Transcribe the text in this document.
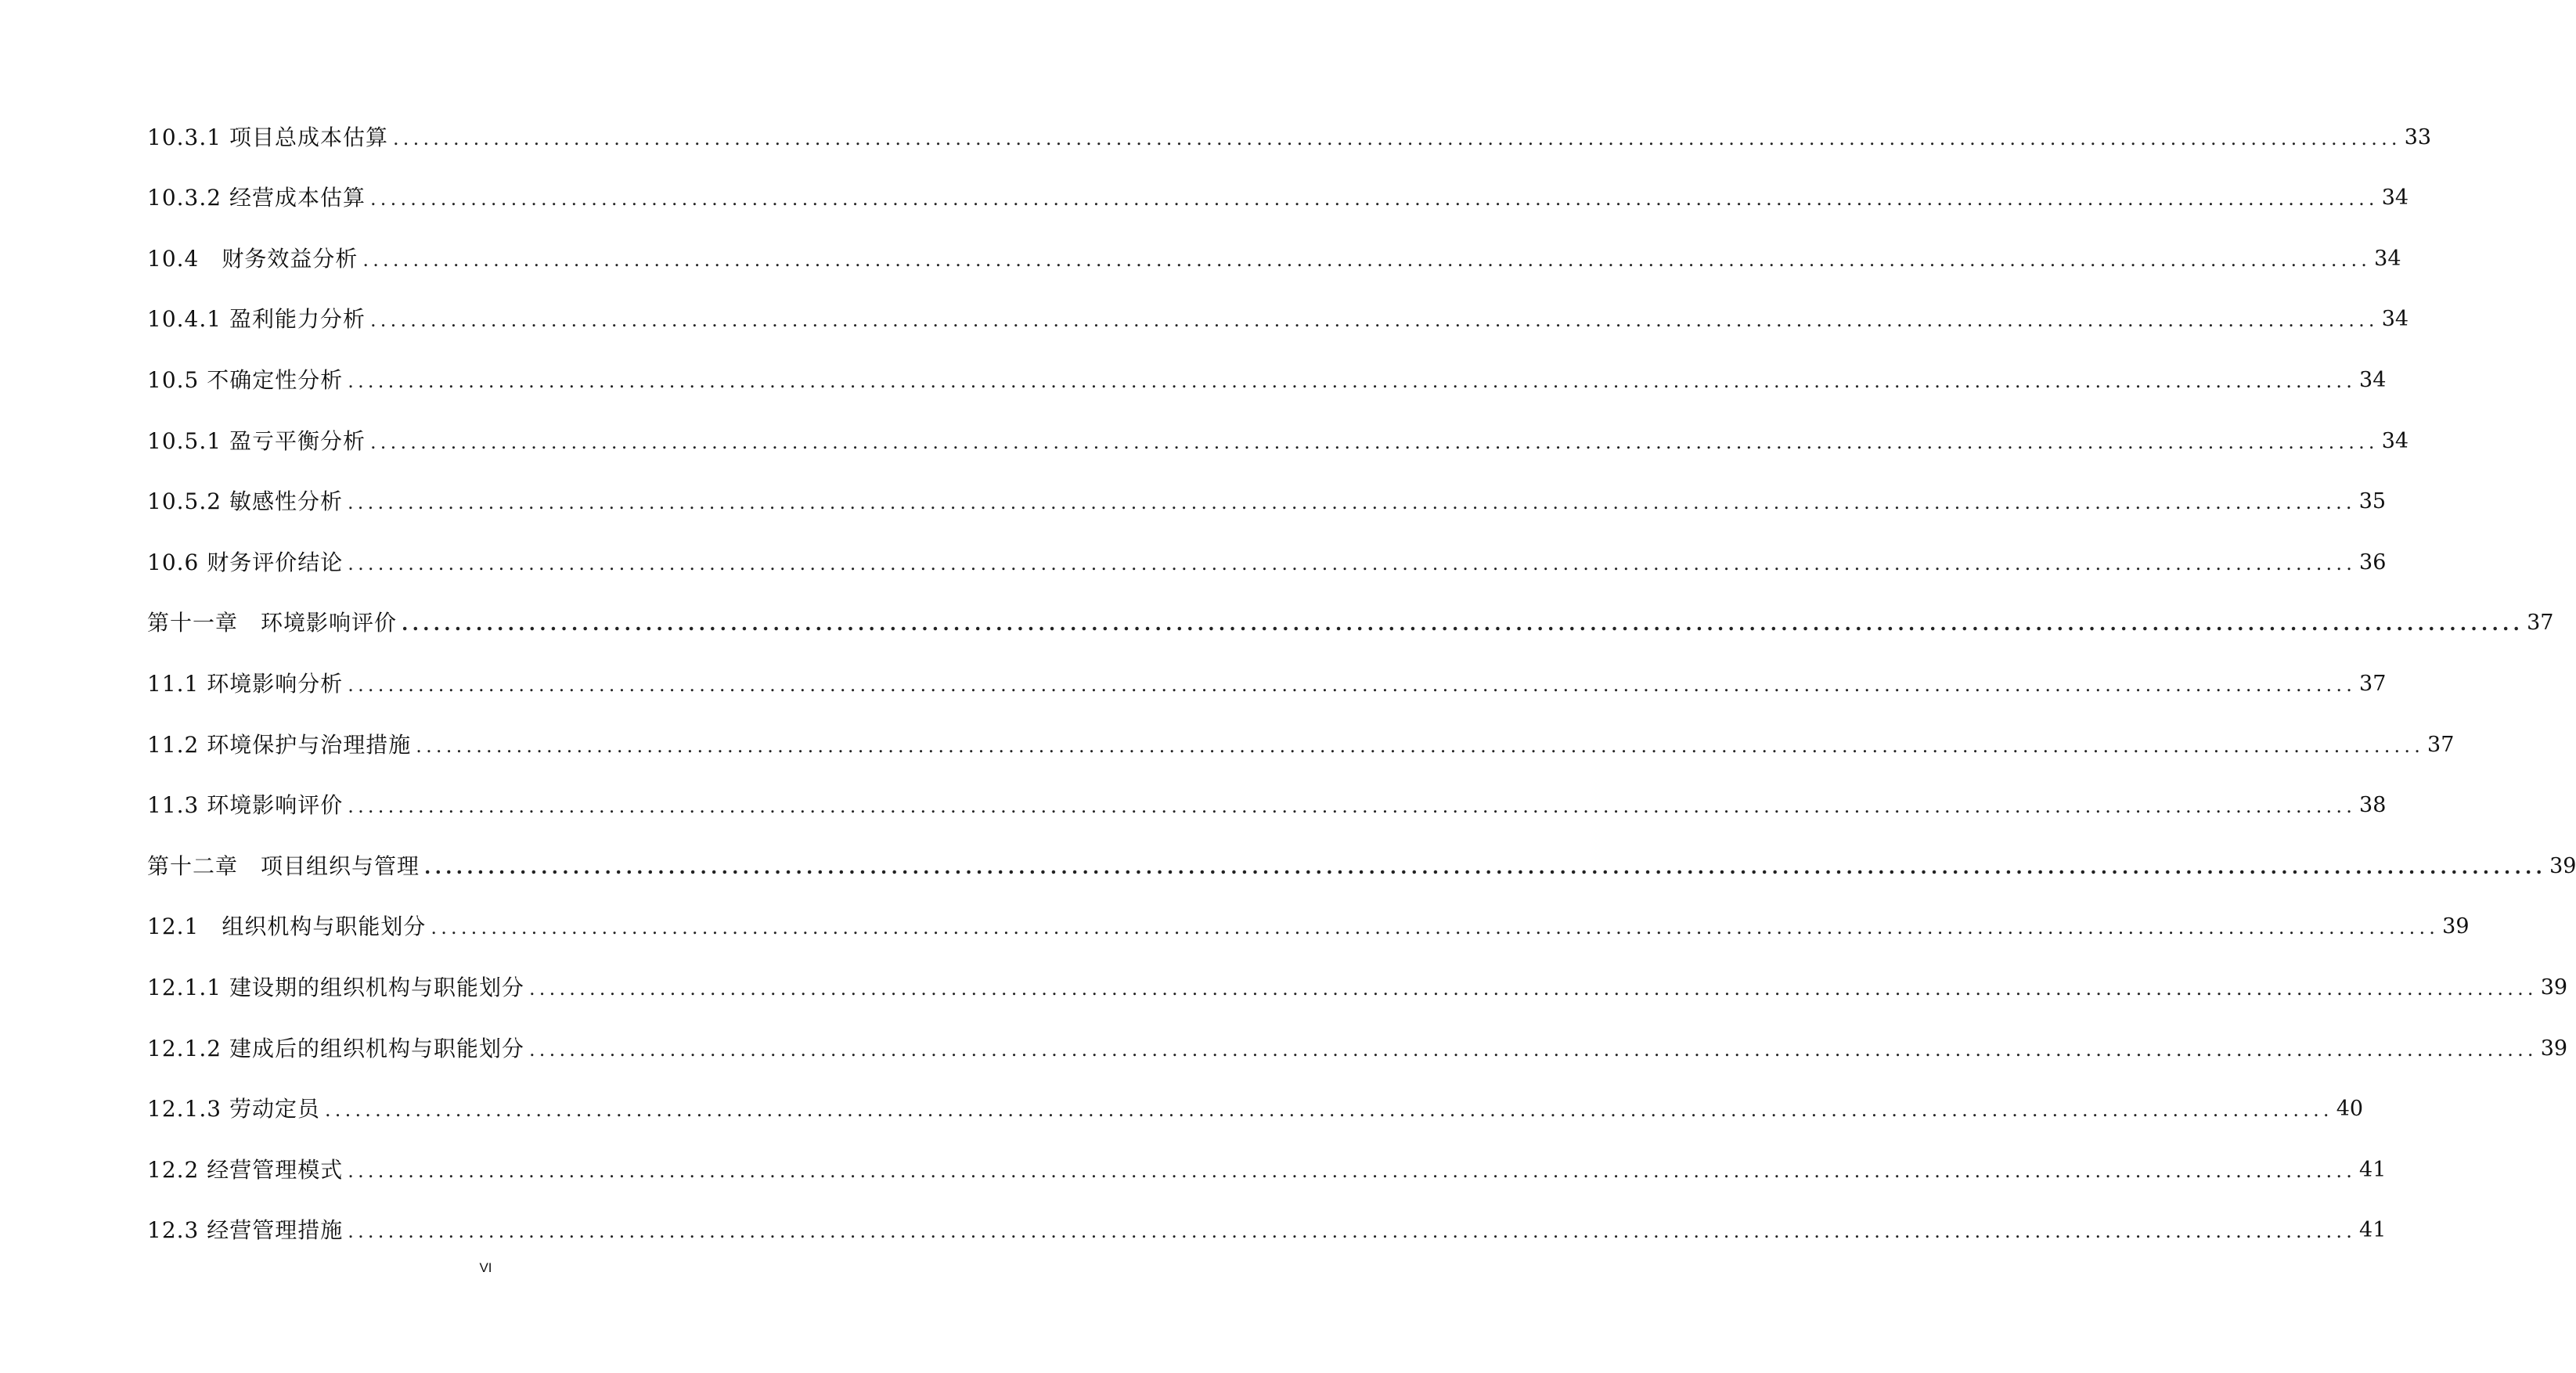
10.3.1 项目总成本估算 ........................................................................................................................................................................................................ 33
10.3.2 经营成本估算 ........................................................................................................................................................................................................ 34
10.4　财务效益分析 ........................................................................................................................................................................................................ 34
10.4.1 盈利能力分析 ........................................................................................................................................................................................................ 34
10.5 不确定性分析 ........................................................................................................................................................................................................ 34
10.5.1 盈亏平衡分析 ........................................................................................................................................................................................................ 34
10.5.2 敏感性分析 ........................................................................................................................................................................................................ 35
10.6 财务评价结论 ........................................................................................................................................................................................................ 36
第十一章　环境影响评价 ........................................................................................................................................................................................................ 37
11.1 环境影响分析 ........................................................................................................................................................................................................ 37
11.2 环境保护与治理措施 ........................................................................................................................................................................................................ 37
11.3 环境影响评价 ........................................................................................................................................................................................................ 38
第十二章　项目组织与管理 ........................................................................................................................................................................................................ 39
12.1　组织机构与职能划分 ........................................................................................................................................................................................................ 39
12.1.1 建设期的组织机构与职能划分 ........................................................................................................................................................................................................ 39
12.1.2 建成后的组织机构与职能划分 ........................................................................................................................................................................................................ 39
12.1.3 劳动定员 ........................................................................................................................................................................................................ 40
12.2 经营管理模式 ........................................................................................................................................................................................................ 41
12.3 经营管理措施 ........................................................................................................................................................................................................ 41
VI
